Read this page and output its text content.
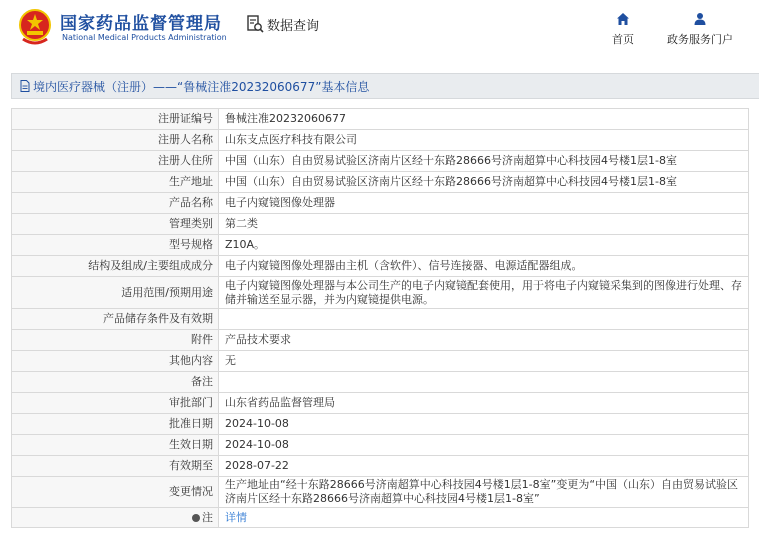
国家药品监督管理局
National Medical Products Administration
数据查询
首页	政务服务门户
境内医疗器械（注册）——“鲁械注准20232060677”基本信息
注册证编号	鲁械注准20232060677
注册人名称	山东支点医疗科技有限公司
注册人住所	中国（山东）自由贸易试验区济南片区经十东路28666号济南超算中心科技园4号楼1层1-8室
生产地址	中国（山东）自由贸易试验区济南片区经十东路28666号济南超算中心科技园4号楼1层1-8室
产品名称	电子内窥镜图像处理器
管理类别	第二类
型号规格	Z10A。
结构及组成/主要组成成分	电子内窥镜图像处理器由主机（含软件）、信号连接器、电源适配器组成。
适用范围/预期用途	电子内窥镜图像处理器与本公司生产的电子内窥镜配套使用，用于将电子内窥镜采集到的图像进行处理、存储并输送至显示器，并为内窥镜提供电源。
产品储存条件及有效期	
附件	产品技术要求
其他内容	无
备注	
审批部门	山东省药品监督管理局
批准日期	2024-10-08
生效日期	2024-10-08
有效期至	2028-07-22
变更情况	生产地址由“经十东路28666号济南超算中心科技园4号楼1层1-8室”变更为“中国（山东）自由贸易试验区济南片区经十东路28666号济南超算中心科技园4号楼1层1-8室”
注	详情
